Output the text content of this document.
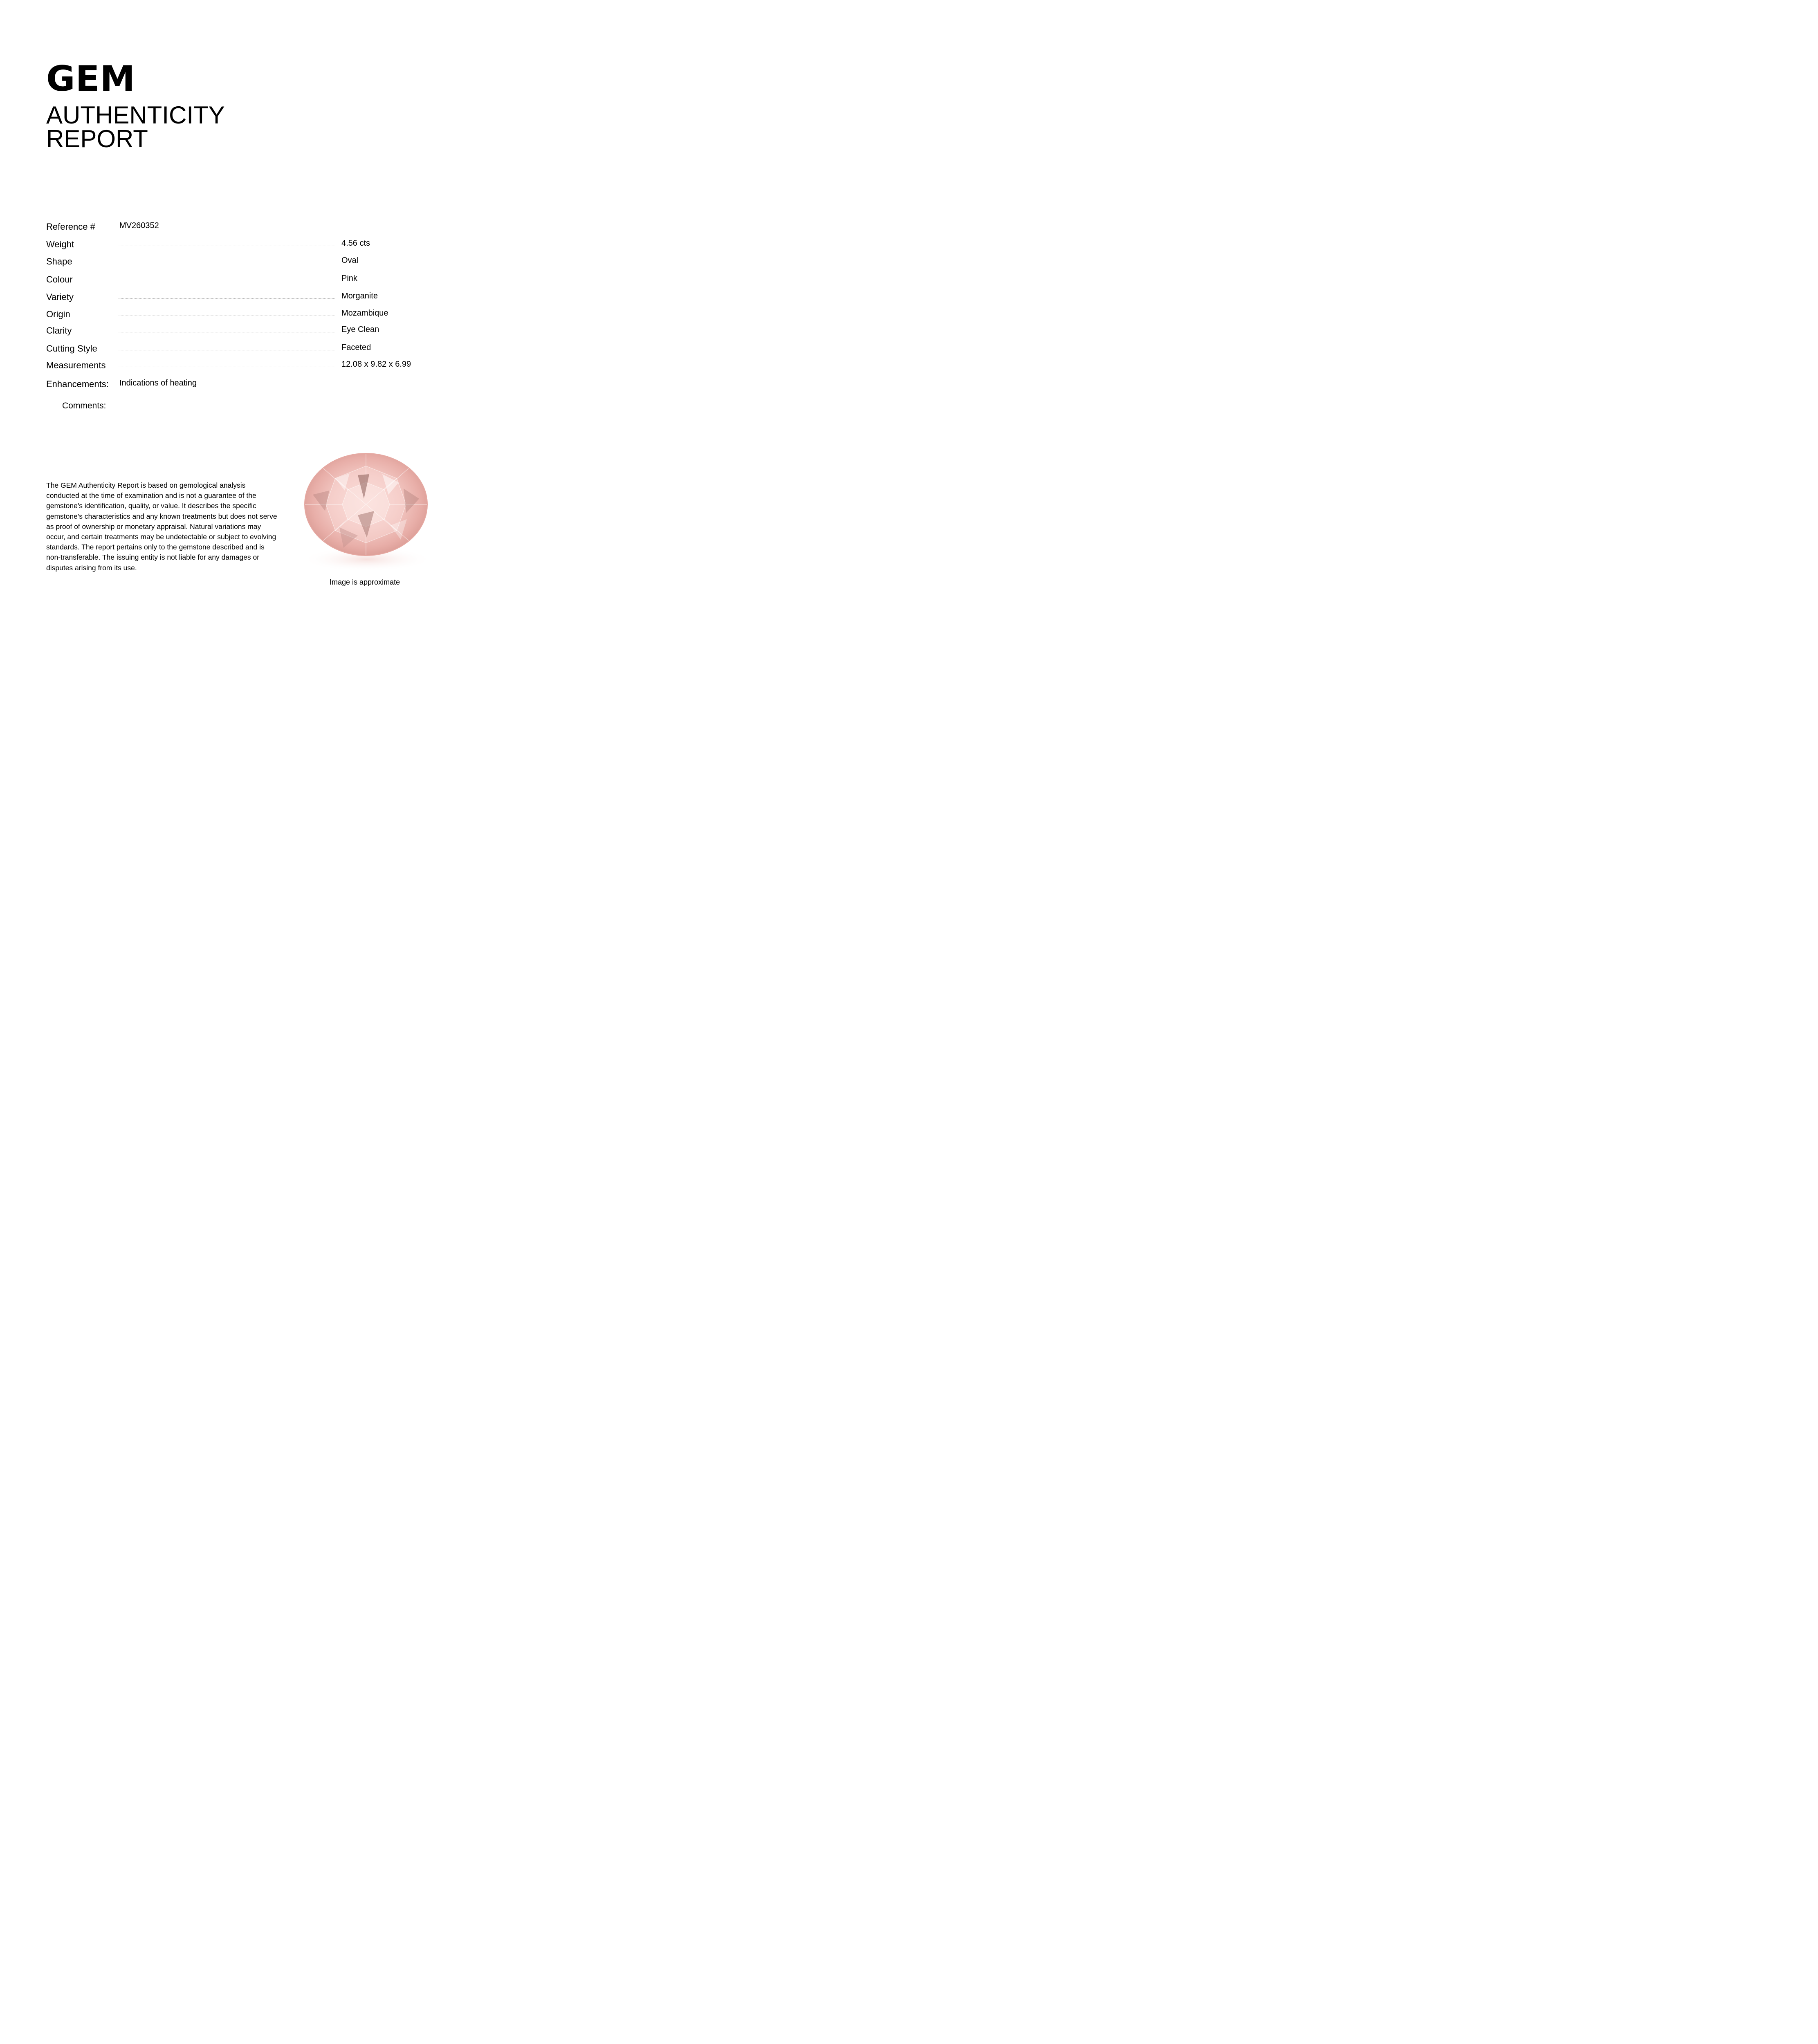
GEM
AUTHENTICITY
REPORT
Reference #	MV260352
Weight	4.56 cts
Shape	Oval
Colour	Pink
Variety	Morganite
Origin	Mozambique
Clarity	Eye Clean
Cutting Style	Faceted
Measurements	12.08 x 9.82 x 6.99
Enhancements: Indications of heating
Comments:
The GEM Authenticity Report is based on gemological analysis conducted at the time of examination and is not a guarantee of the gemstone's identification, quality, or value. It describes the specific gemstone's characteristics and any known treatments but does not serve as proof of ownership or monetary appraisal. Natural variations may occur, and certain treatments may be undetectable or subject to evolving standards. The report pertains only to the gemstone described and is non-transferable. The issuing entity is not liable for any damages or disputes arising from its use.
Image is approximate
